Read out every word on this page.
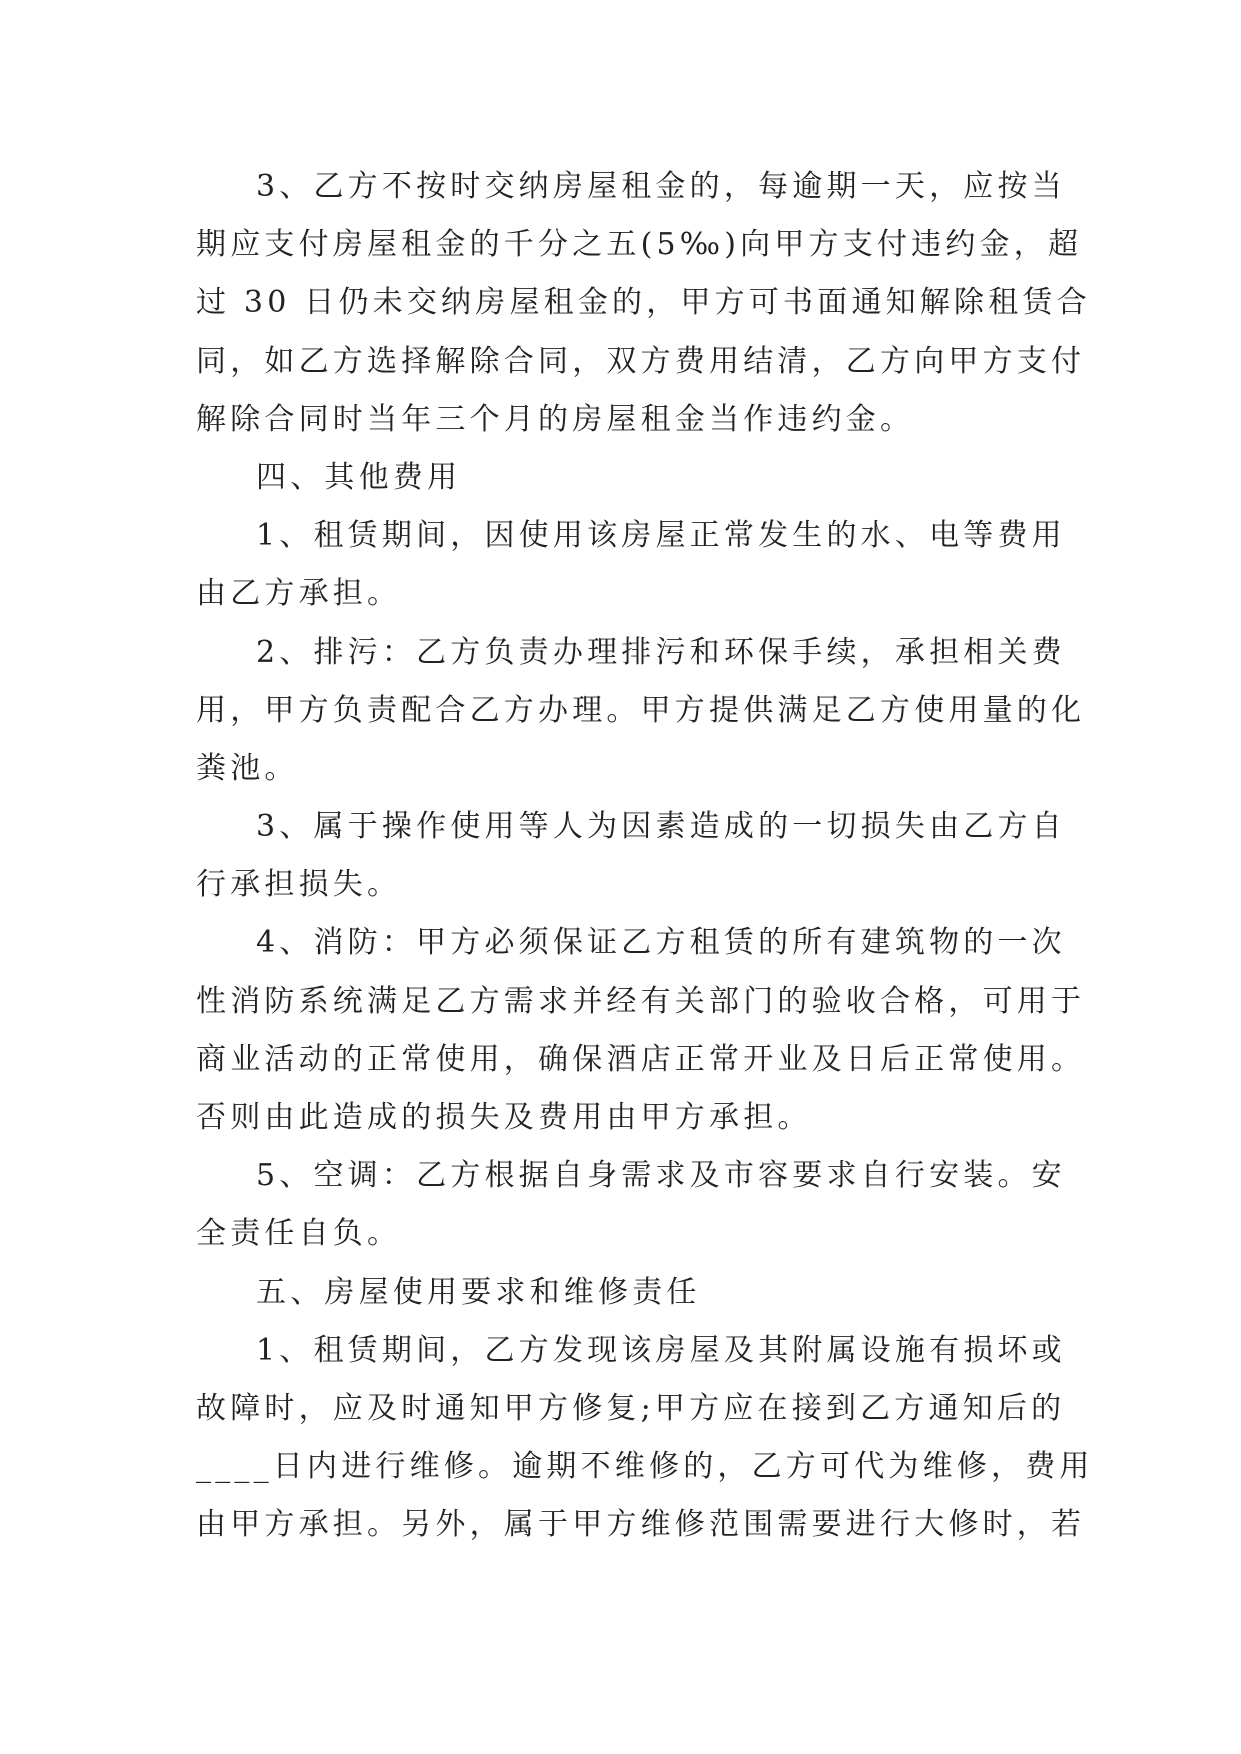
3、乙方不按时交纳房屋租金的，每逾期一天，应按当
期应支付房屋租金的千分之五(5‰)向甲方支付违约金，超
过 30 日仍未交纳房屋租金的，甲方可书面通知解除租赁合
同，如乙方选择解除合同，双方费用结清，乙方向甲方支付
解除合同时当年三个月的房屋租金当作违约金。
四、其他费用
1、租赁期间，因使用该房屋正常发生的水、电等费用
由乙方承担。
2、排污：乙方负责办理排污和环保手续，承担相关费
用，甲方负责配合乙方办理。甲方提供满足乙方使用量的化
粪池。
3、属于操作使用等人为因素造成的一切损失由乙方自
行承担损失。
4、消防：甲方必须保证乙方租赁的所有建筑物的一次
性消防系统满足乙方需求并经有关部门的验收合格，可用于
商业活动的正常使用，确保酒店正常开业及日后正常使用。
否则由此造成的损失及费用由甲方承担。
5、空调：乙方根据自身需求及市容要求自行安装。安
全责任自负。
五、房屋使用要求和维修责任
1、租赁期间，乙方发现该房屋及其附属设施有损坏或
故障时，应及时通知甲方修复;甲方应在接到乙方通知后的
____日内进行维修。逾期不维修的，乙方可代为维修，费用
由甲方承担。另外，属于甲方维修范围需要进行大修时，若
